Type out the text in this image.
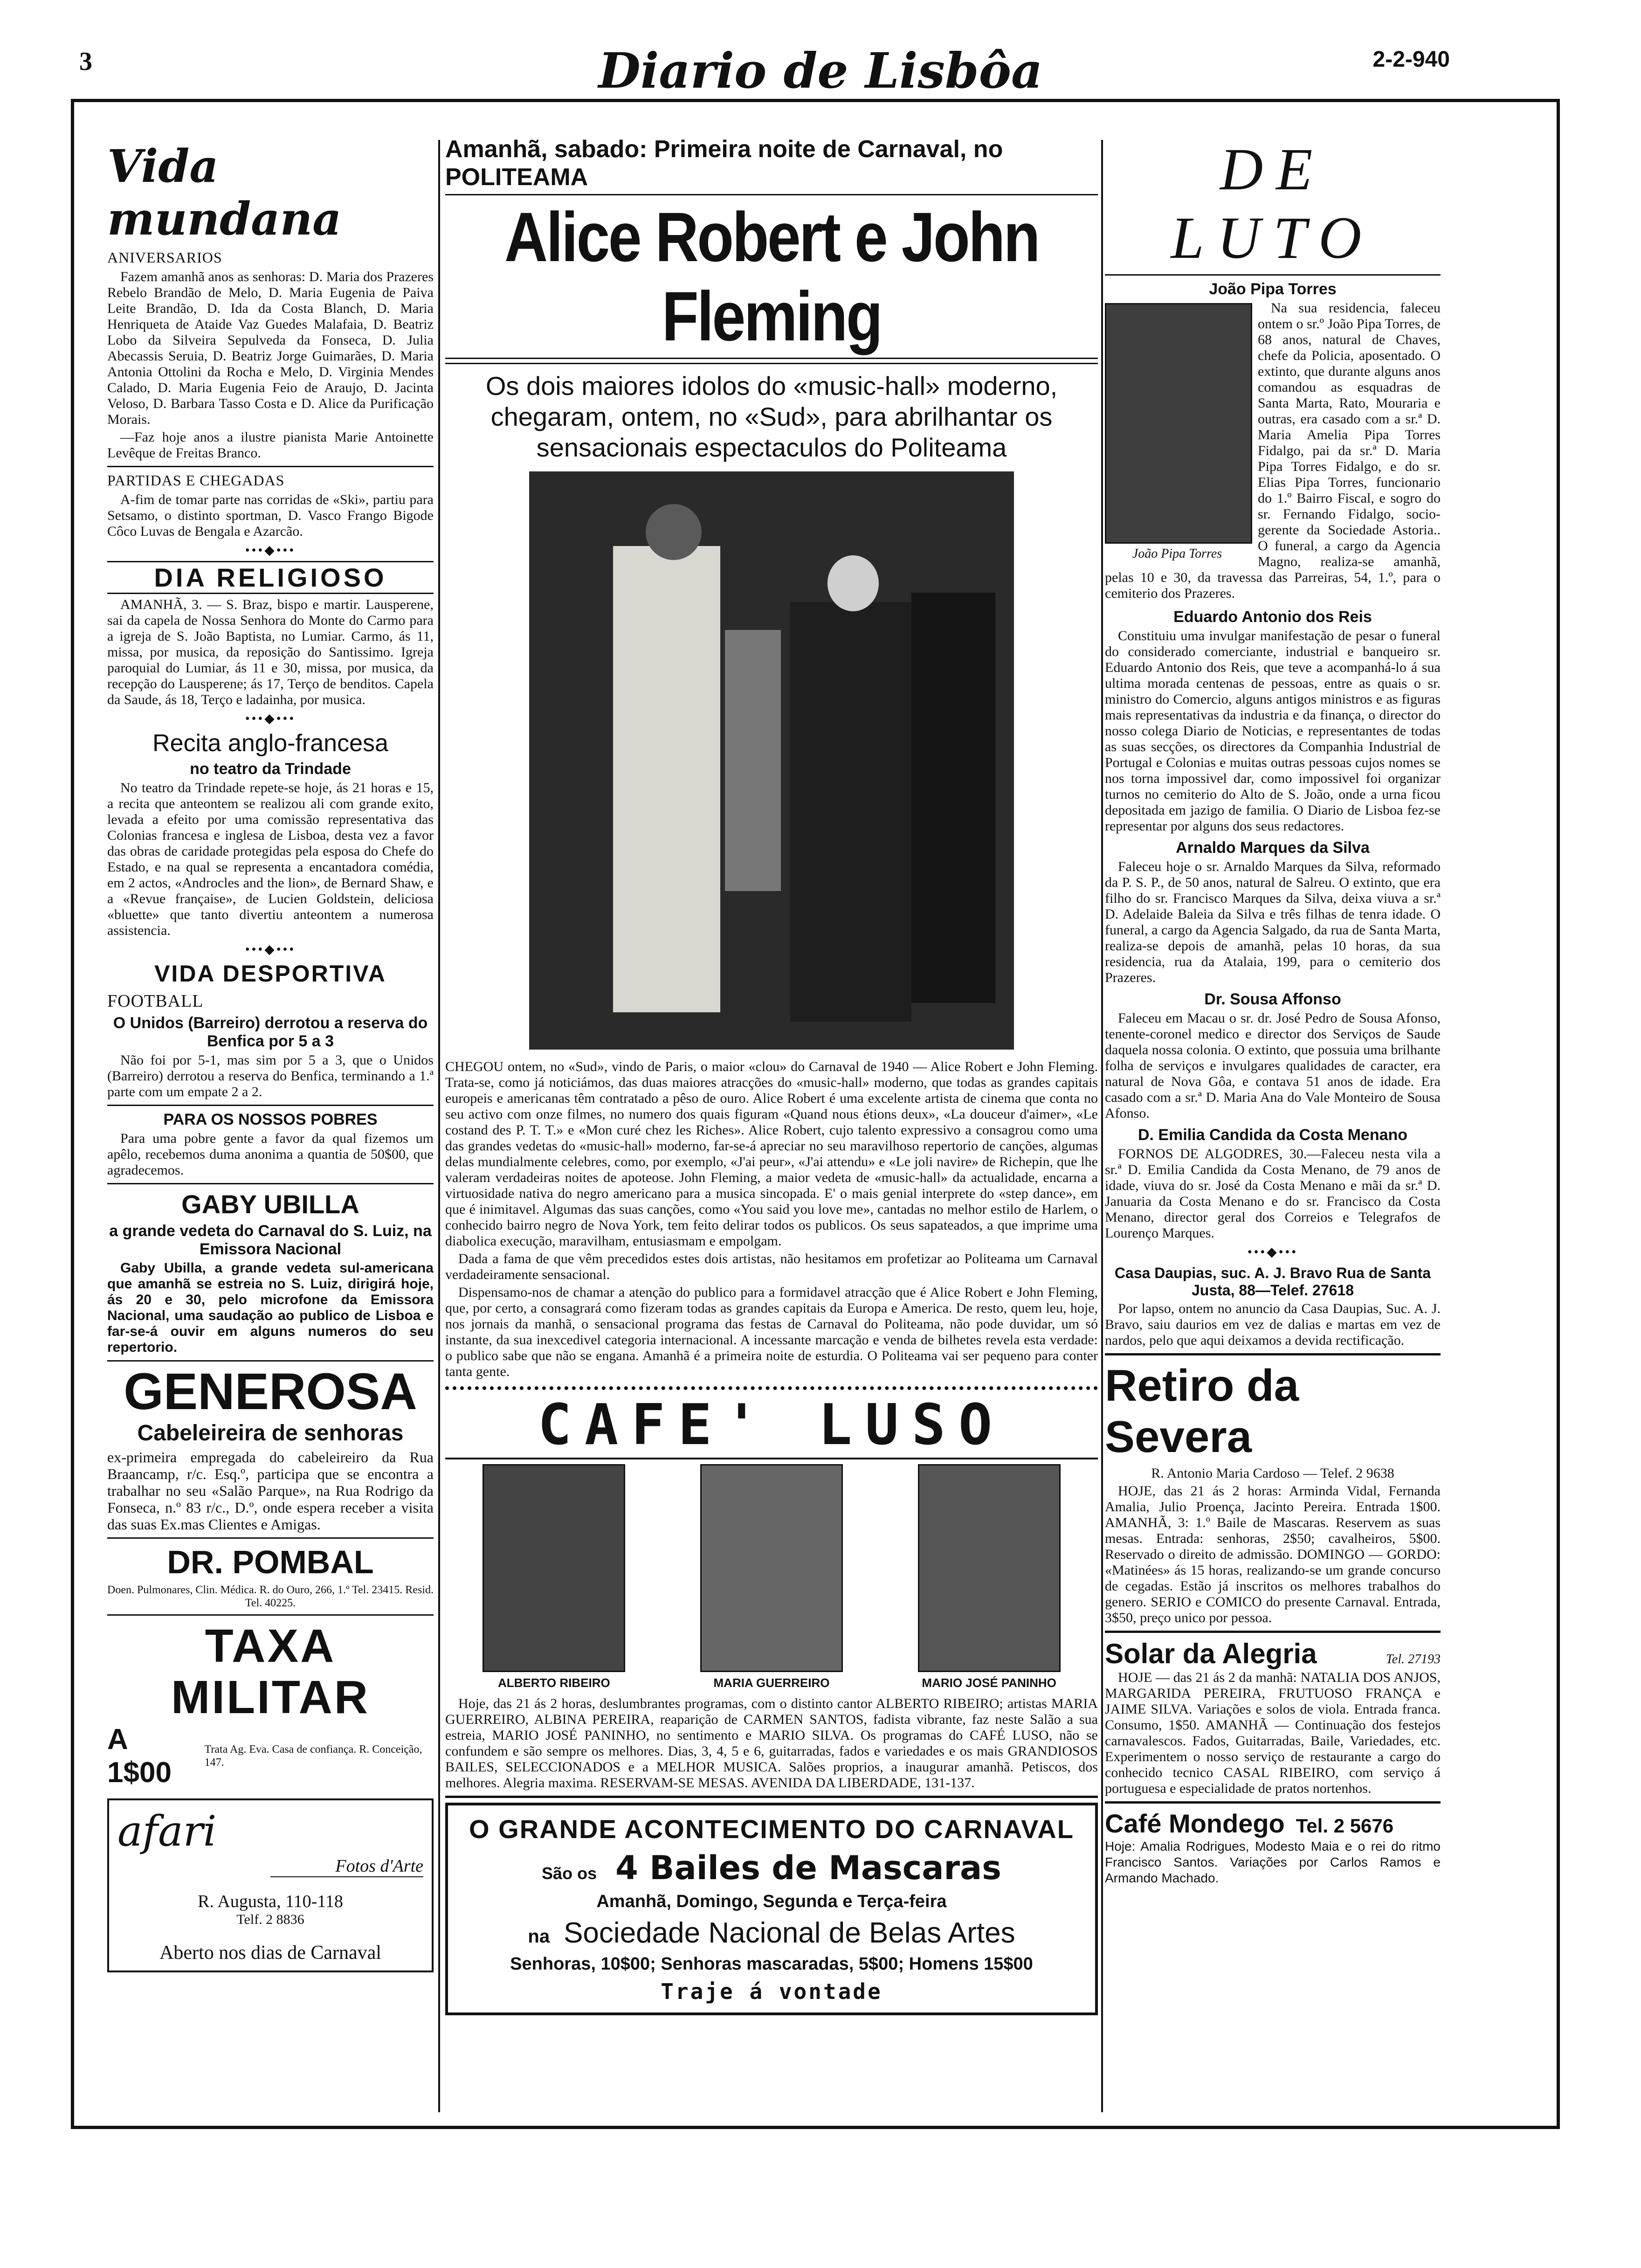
3	Diario de Lisbôa	2-2-940
Vida mundana
ANIVERSARIOS

Fazem amanhã anos as senhoras: D. Maria dos Prazeres Rebelo Brandão de Melo, D. Maria Eugenia de Paiva Leite Brandão, D. Ida da Costa Blanch, D. Maria Henriqueta de Ataide Vaz Guedes Malafaia, D. Beatriz Lobo da Silveira Sepulveda da Fonseca, D. Julia Abecassis Seruia, D. Beatriz Jorge Guimarães, D. Maria Antonia Ottolini da Rocha e Melo, D. Virginia Mendes Calado, D. Maria Eugenia Feio de Araujo, D. Jacinta Veloso, D. Barbara Tasso Costa e D. Alice da Purificação Morais.

—Faz hoje anos a ilustre pianista Marie Antoinette Levêque de Freitas Branco.

PARTIDAS E CHEGADAS

A-fim de tomar parte nas corridas de «Ski», partiu para Setsamo, o distinto sportman, D. Vasco Frango Bigode Côco Luvas de Bengala e Azarcão.

•••◆•••
DIA RELIGIOSO

AMANHÃ, 3. — S. Braz, bispo e martir. Lausperene, sai da capela de Nossa Senhora do Monte do Carmo para a igreja de S. João Baptista, no Lumiar. Carmo, ás 11, missa, por musica, da reposição do Santissimo. Igreja paroquial do Lumiar, ás 11 e 30, missa, por musica, da recepção do Lausperene; ás 17, Terço de benditos. Capela da Saude, ás 18, Terço e ladainha, por musica.

•••◆•••
Recita anglo-francesa
no teatro da Trindade

No teatro da Trindade repete-se hoje, ás 21 horas e 15, a recita que anteontem se realizou ali com grande exito, levada a efeito por uma comissão representativa das Colonias francesa e inglesa de Lisboa, desta vez a favor das obras de caridade protegidas pela esposa do Chefe do Estado, e na qual se representa a encantadora comédia, em 2 actos, «Androcles and the lion», de Bernard Shaw, e a «Revue française», de Lucien Goldstein, deliciosa «bluette» que tanto divertiu anteontem a numerosa assistencia.

•••◆•••
VIDA DESPORTIVA
FOOTBALL
O Unidos (Barreiro) derrotou a reserva do Benfica por 5 a 3

Não foi por 5-1, mas sim por 5 a 3, que o Unidos (Barreiro) derrotou a reserva do Benfica, terminando a 1.ª parte com um empate 2 a 2.

PARA OS NOSSOS POBRES

Para uma pobre gente a favor da qual fizemos um apêlo, recebemos duma anonima a quantia de 50$00, que agradecemos.

GABY UBILLA
a grande vedeta do Carnaval do S. Luiz, na Emissora Nacional

Gaby Ubilla, a grande vedeta sul-americana que amanhã se estreia no S. Luiz, dirigirá hoje, ás 20 e 30, pelo microfone da Emissora Nacional, uma saudação ao publico de Lisboa e far-se-á ouvir em alguns numeros do seu repertorio.

GENEROSA
Cabeleireira de senhoras

ex-primeira empregada do cabeleireiro da Rua Braancamp, r/c. Esq.º, participa que se encontra a trabalhar no seu «Salão Parque», na Rua Rodrigo da Fonseca, n.º 83 r/c., D.º, onde espera receber a visita das suas Ex.mas Clientes e Amigas.

DR. POMBAL

Doen. Pulmonares, Clin. Médica. R. do Ouro, 266, 1.º Tel. 23415. Resid. Tel. 40225.

TAXA MILITAR
A 1$00
Trata Ag. Eva. Casa de confiança. R. Conceição, 147.
afari
Fotos d'Arte
R. Augusta, 110-118
Telf. 2 8836
Aberto nos dias de Carnaval
Amanhã, sabado: Primeira noite de Carnaval, no POLITEAMA
Alice Robert e John Fleming
Os dois maiores idolos do «music-hall» moderno, chegaram, ontem, no «Sud», para abrilhantar os sensacionais espectaculos do Politeama

CHEGOU ontem, no «Sud», vindo de Paris, o maior «clou» do Carnaval de 1940 — Alice Robert e John Fleming. Trata-se, como já noticiámos, das duas maiores atracções do «music-hall» moderno, que todas as grandes capitais europeis e americanas têm contratado a pêso de ouro. Alice Robert é uma excelente artista de cinema que conta no seu activo com onze filmes, no numero dos quais figuram «Quand nous étions deux», «La douceur d'aimer», «Le costand des P. T. T.» e «Mon curé chez les Riches». Alice Robert, cujo talento expressivo a consagrou como uma das grandes vedetas do «music-hall» moderno, far-se-á apreciar no seu maravilhoso repertorio de canções, algumas delas mundialmente celebres, como, por exemplo, «J'ai peur», «J'ai attendu» e «Le joli navire» de Richepin, que lhe valeram verdadeiras noites de apoteose. John Fleming, a maior vedeta de «music-hall» da actualidade, encarna a virtuosidade nativa do negro americano para a musica sincopada. E' o mais genial interprete do «step dance», em que é inimitavel. Algumas das suas canções, como «You said you love me», cantadas no melhor estilo de Harlem, o conhecido bairro negro de Nova York, tem feito delirar todos os publicos. Os seus sapateados, a que imprime uma diabolica execução, maravilham, entusiasmam e empolgam.

Dada a fama de que vêm precedidos estes dois artistas, não hesitamos em profetizar ao Politeama um Carnaval verdadeiramente sensacional.

Dispensamo-nos de chamar a atenção do publico para a formidavel atracção que é Alice Robert e John Fleming, que, por certo, a consagrará como fizeram todas as grandes capitais da Europa e America. De resto, quem leu, hoje, nos jornais da manhã, o sensacional programa das festas de Carnaval do Politeama, não pode duvidar, um só instante, da sua inexcedivel categoria internacional. A incessante marcação e venda de bilhetes revela esta verdade: o publico sabe que não se engana. Amanhã é a primeira noite de esturdia. O Politeama vai ser pequeno para conter tanta gente.

CAFE' LUSO
ALBERTO RIBEIRO	MARIA GUERREIRO	MARIO JOSÉ PANINHO
Hoje, das 21 ás 2 horas, deslumbrantes programas, com o distinto cantor ALBERTO RIBEIRO; artistas MARIA GUERREIRO, ALBINA PEREIRA, reaparição de CARMEN SANTOS, fadista vibrante, faz neste Salão a sua estreia, MARIO JOSÉ PANINHO, no sentimento e MARIO SILVA. Os programas do CAFÉ LUSO, não se confundem e são sempre os melhores. Dias, 3, 4, 5 e 6, guitarradas, fados e variedades e os mais GRANDIOSOS BAILES, SELECCIONADOS e a MELHOR MUSICA. Salões proprios, a inaugurar amanhã. Petiscos, dos melhores. Alegria maxima. RESERVAM-SE MESAS. AVENIDA DA LIBERDADE, 131-137.
O GRANDE ACONTECIMENTO DO CARNAVAL
São os 4 Bailes de Mascaras
Amanhã, Domingo, Segunda e Terça-feira
na Sociedade Nacional de Belas Artes
Senhoras, 10$00; Senhoras mascaradas, 5$00; Homens 15$00
Traje á vontade
DE LUTO
João Pipa Torres
João Pipa Torres

Na sua residencia, faleceu ontem o sr.º João Pipa Torres, de 68 anos, natural de Chaves, chefe da Policia, aposentado. O extinto, que durante alguns anos comandou as esquadras de Santa Marta, Rato, Mouraria e outras, era casado com a sr.ª D. Maria Amelia Pipa Torres Fidalgo, pai da sr.ª D. Maria Pipa Torres Fidalgo, e do sr. Elias Pipa Torres, funcionario do 1.º Bairro Fiscal, e sogro do sr. Fernando Fidalgo, socio-gerente da Sociedade Astoria.. O funeral, a cargo da Agencia Magno, realiza-se amanhã, pelas 10 e 30, da travessa das Parreiras, 54, 1.º, para o cemiterio dos Prazeres.

Eduardo Antonio dos Reis

Constituiu uma invulgar manifestação de pesar o funeral do considerado comerciante, industrial e banqueiro sr. Eduardo Antonio dos Reis, que teve a acompanhá-lo á sua ultima morada centenas de pessoas, entre as quais o sr. ministro do Comercio, alguns antigos ministros e as figuras mais representativas da industria e da finança, o director do nosso colega Diario de Noticias, e representantes de todas as suas secções, os directores da Companhia Industrial de Portugal e Colonias e muitas outras pessoas cujos nomes se nos torna impossivel dar, como impossivel foi organizar turnos no cemiterio do Alto de S. João, onde a urna ficou depositada em jazigo de familia. O Diario de Lisboa fez-se representar por alguns dos seus redactores.

Arnaldo Marques da Silva

Faleceu hoje o sr. Arnaldo Marques da Silva, reformado da P. S. P., de 50 anos, natural de Salreu. O extinto, que era filho do sr. Francisco Marques da Silva, deixa viuva a sr.ª D. Adelaide Baleia da Silva e três filhas de tenra idade. O funeral, a cargo da Agencia Salgado, da rua de Santa Marta, realiza-se depois de amanhã, pelas 10 horas, da sua residencia, rua da Atalaia, 199, para o cemiterio dos Prazeres.

Dr. Sousa Affonso

Faleceu em Macau o sr. dr. José Pedro de Sousa Afonso, tenente-coronel medico e director dos Serviços de Saude daquela nossa colonia. O extinto, que possuia uma brilhante folha de serviços e invulgares qualidades de caracter, era natural de Nova Gôa, e contava 51 anos de idade. Era casado com a sr.ª D. Maria Ana do Vale Monteiro de Sousa Afonso.

D. Emilia Candida da Costa Menano

FORNOS DE ALGODRES, 30.—Faleceu nesta vila a sr.ª D. Emilia Candida da Costa Menano, de 79 anos de idade, viuva do sr. José da Costa Menano e mãi da sr.ª D. Januaria da Costa Menano e do sr. Francisco da Costa Menano, director geral dos Correios e Telegrafos de Lourenço Marques.

•••◆•••
Casa Daupias, suc. A. J. Bravo Rua de Santa Justa, 88—Telef. 27618

Por lapso, ontem no anuncio da Casa Daupias, Suc. A. J. Bravo, saiu daurios em vez de dalias e martas em vez de nardos, pelo que aqui deixamos a devida rectificação.

Retiro da Severa

R. Antonio Maria Cardoso — Telef. 2 9638

HOJE, das 21 ás 2 horas: Arminda Vidal, Fernanda Amalia, Julio Proença, Jacinto Pereira. Entrada 1$00. AMANHÃ, 3: 1.º Baile de Mascaras. Reservem as suas mesas. Entrada: senhoras, 2$50; cavalheiros, 5$00. Reservado o direito de admissão. DOMINGO — GORDO: «Matinées» ás 15 horas, realizando-se um grande concurso de cegadas. Estão já inscritos os melhores trabalhos do genero. SERIO e COMICO do presente Carnaval. Entrada, 3$50, preço unico por pessoa.

Solar da Alegria	Tel. 27193

HOJE — das 21 ás 2 da manhã: NATALIA DOS ANJOS, MARGARIDA PEREIRA, FRUTUOSO FRANÇA e JAIME SILVA. Variações e solos de viola. Entrada franca. Consumo, 1$50. AMANHÃ — Continuação dos festejos carnavalescos. Fados, Guitarradas, Baile, Variedades, etc. Experimentem o nosso serviço de restaurante a cargo do conhecido tecnico CASAL RIBEIRO, com serviço á portuguesa e especialidade de pratos nortenhos.

Café Mondego Tel. 2 5676

Hoje: Amalia Rodrigues, Modesto Maia e o rei do ritmo Francisco Santos. Variações por Carlos Ramos e Armando Machado.
